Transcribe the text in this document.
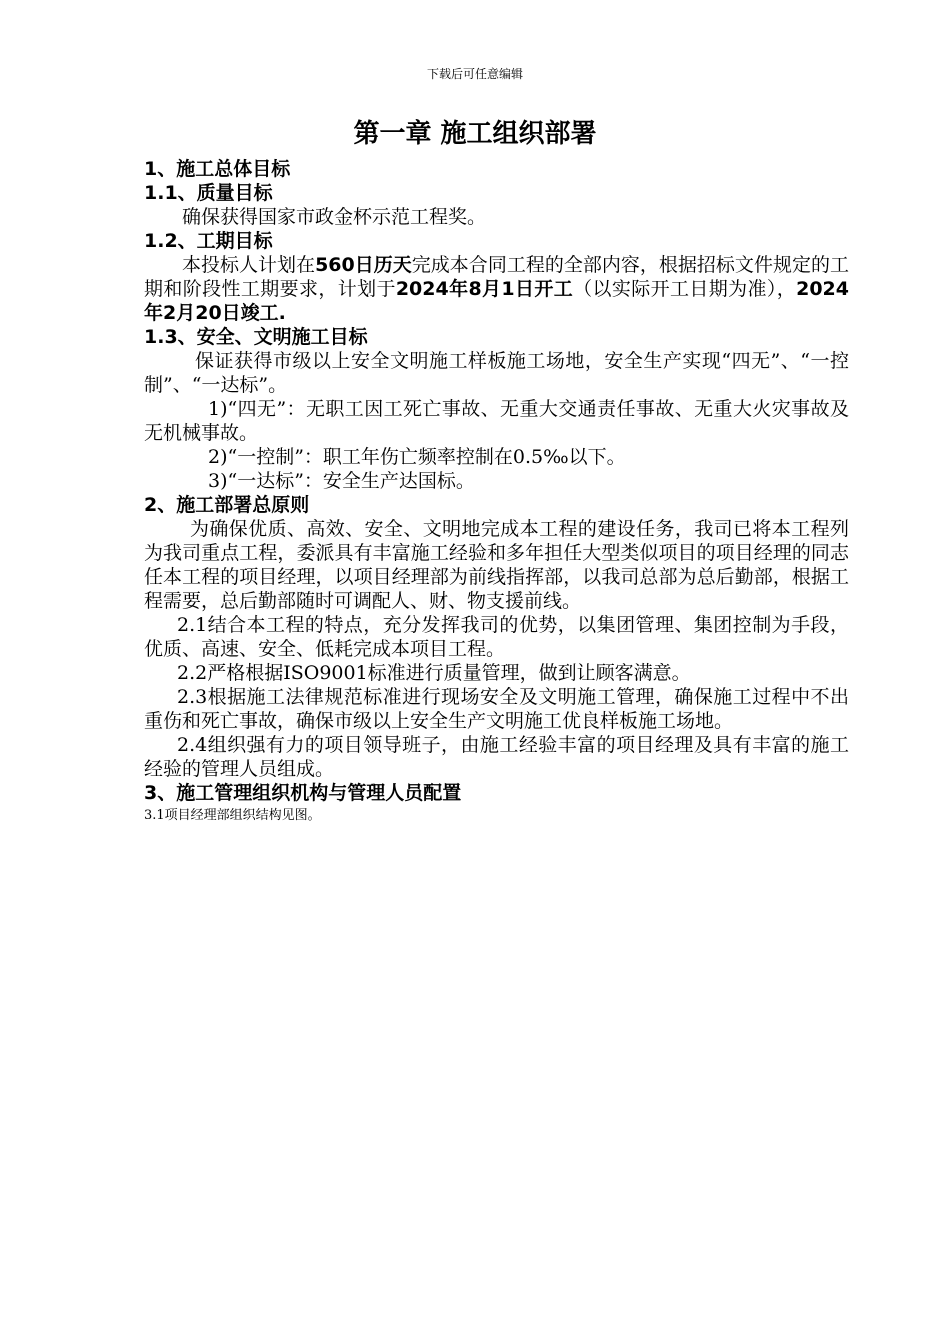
下载后可任意编辑
第一章 施工组织部署
1、施工总体目标
1.1、质量目标
确保获得国家市政金杯示范工程奖。
1.2、工期目标
本投标人计划在560日历天完成本合同工程的全部内容，根据招标文件规定的工期和阶段性工期要求，计划于2024年8月1日开工（以实际开工日期为准），2024年2月20日竣工.
1.3、安全、文明施工目标
保证获得市级以上安全文明施工样板施工场地，安全生产实现“四无”、“一控制”、“一达标”。
1)“四无”：无职工因工死亡事故、无重大交通责任事故、无重大火灾事故及无机械事故。
2)“一控制”：职工年伤亡频率控制在0.5‰以下。
3)“一达标”：安全生产达国标。
2、施工部署总原则
为确保优质、高效、安全、文明地完成本工程的建设任务，我司已将本工程列为我司重点工程，委派具有丰富施工经验和多年担任大型类似项目的项目经理的同志任本工程的项目经理，以项目经理部为前线指挥部，以我司总部为总后勤部，根据工程需要，总后勤部随时可调配人、财、物支援前线。
2.1结合本工程的特点，充分发挥我司的优势，以集团管理、集团控制为手段，优质、高速、安全、低耗完成本项目工程。
2.2严格根据ISO9001标准进行质量管理，做到让顾客满意。
2.3根据施工法律规范标准进行现场安全及文明施工管理，确保施工过程中不出重伤和死亡事故，确保市级以上安全生产文明施工优良样板施工场地。
2.4组织强有力的项目领导班子，由施工经验丰富的项目经理及具有丰富的施工经验的管理人员组成。
3、施工管理组织机构与管理人员配置
3.1项目经理部组织结构见图。
